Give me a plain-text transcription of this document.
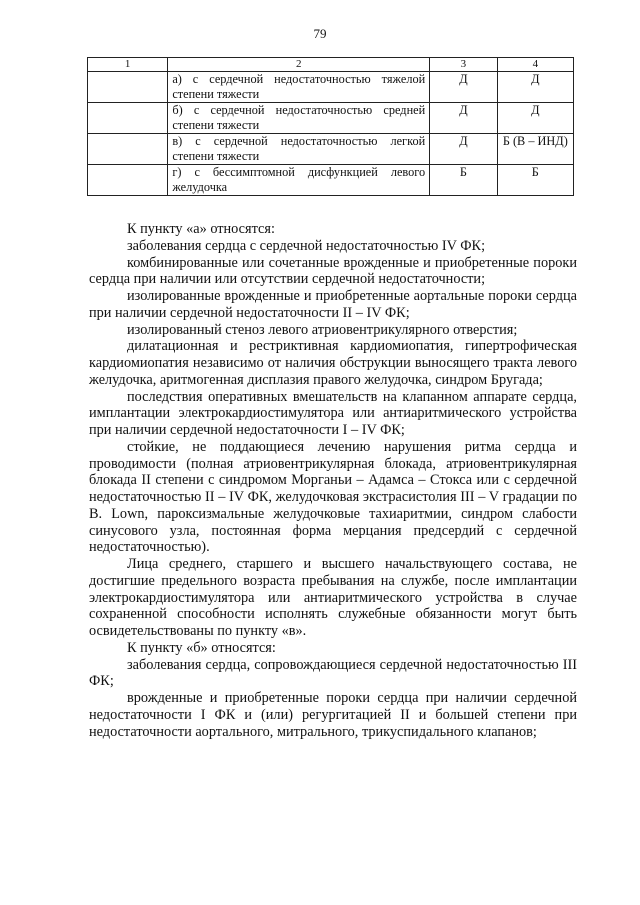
79
1	2	3	4
	а) с сердечной недостаточностью тяжелой степени тяжести	Д	Д
	б) с сердечной недостаточностью средней степени тяжести	Д	Д
	в) с сердечной недостаточностью легкой степени тяжести	Д	Б (В – ИНД)
	г) с бессимптомной дисфункцией левого желудочка	Б	Б

К пункту «а» относятся:

заболевания сердца с сердечной недостаточностью IV ФК;

комбинированные или сочетанные врожденные и приобретенные пороки сердца при наличии или отсутствии сердечной недостаточности;

изолированные врожденные и приобретенные аортальные пороки сердца при наличии сердечной недостаточности II – IV ФК;

изолированный стеноз левого атриовентрикулярного отверстия;

дилатационная и рестриктивная кардиомиопатия, гипертрофическая кардиомиопатия независимо от наличия обструкции выносящего тракта левого желудочка, аритмогенная дисплазия правого желудочка, синдром Бругада;

последствия оперативных вмешательств на клапанном аппарате сердца, имплантации электрокардиостимулятора или антиаритмического устройства при наличии сердечной недостаточности I – IV ФК;

стойкие, не поддающиеся лечению нарушения ритма сердца и проводимости (полная атриовентрикулярная блокада, атриовентрикулярная блокада II степени с синдромом Морганьи – Адамса – Стокса или с сердечной недостаточностью II – IV ФК, желудочковая экстрасистолия III – V градации по B. Lown, пароксизмальные желудочковые тахиаритмии, синдром слабости синусового узла, постоянная форма мерцания предсердий с сердечной недостаточностью).

Лица среднего, старшего и высшего начальствующего состава, не достигшие предельного возраста пребывания на службе, после имплантации электрокардиостимулятора или антиаритмического устройства в случае сохраненной способности исполнять служебные обязанности могут быть освидетельствованы по пункту «в».

К пункту «б» относятся:

заболевания сердца, сопровождающиеся сердечной недостаточностью III ФК;

врожденные и приобретенные пороки сердца при наличии сердечной недостаточности I ФК и (или) регургитацией II и большей степени при недостаточности аортального, митрального, трикуспидального клапанов;
